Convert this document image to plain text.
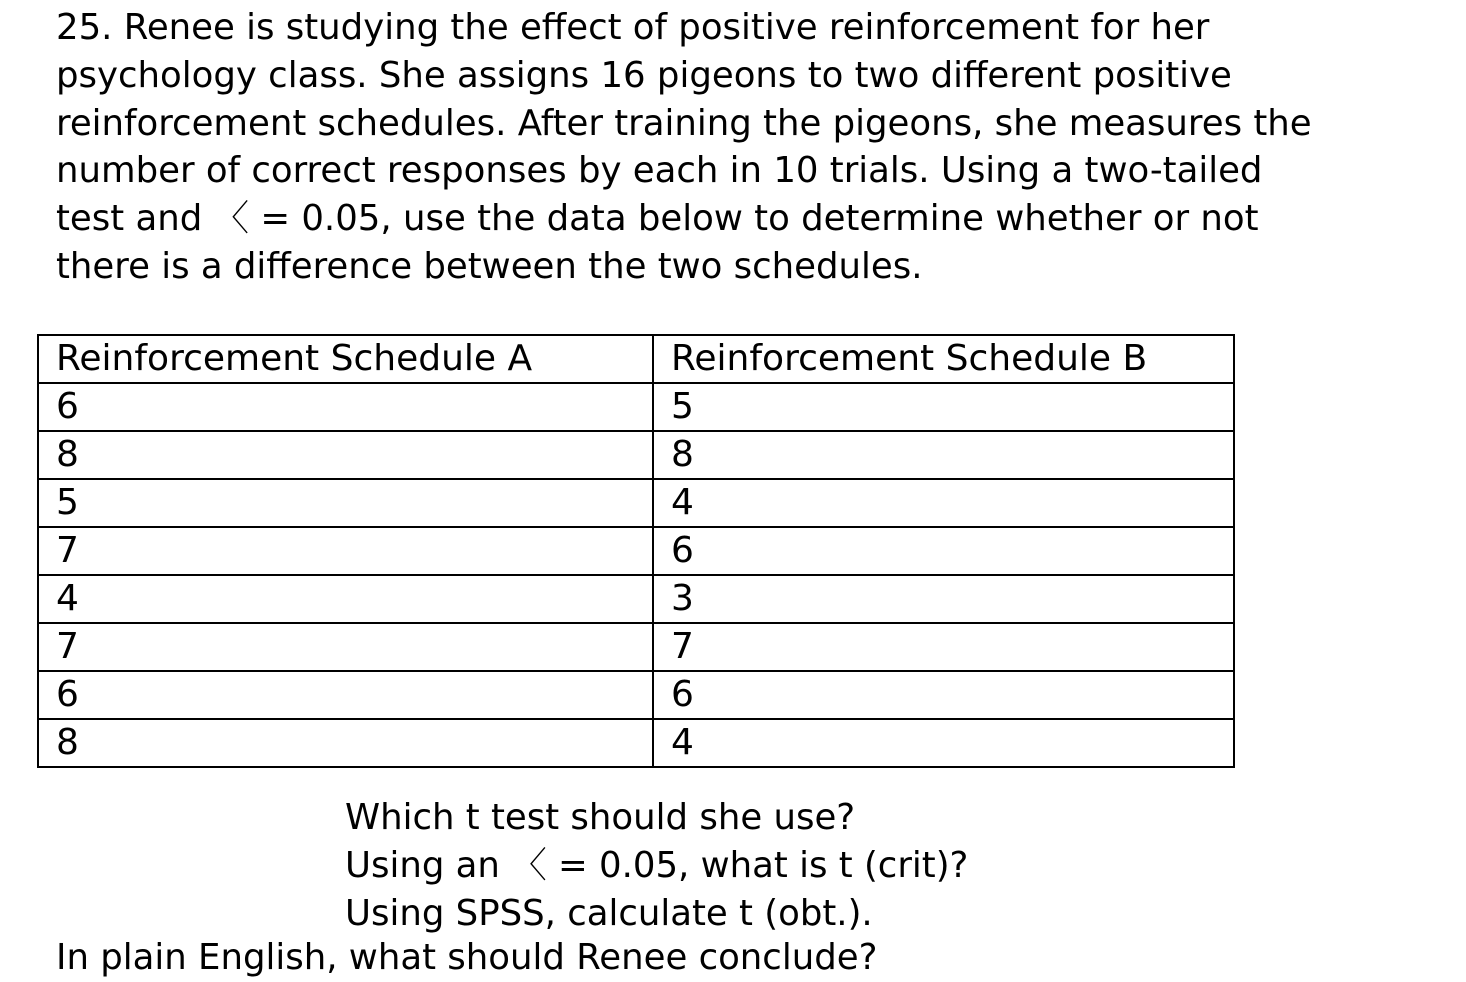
25. Renee is studying the effect of positive reinforcement for her
psychology class. She assigns 16 pigeons to two different positive
reinforcement schedules. After training the pigeons, she measures the
number of correct responses by each in 10 trials. Using a two-tailed
test and 〈 = 0.05, use the data below to determine whether or not
there is a difference between the two schedules.
Reinforcement Schedule A	Reinforcement Schedule B
6	5
8	8
5	4
7	6
4	3
7	7
6	6
8	4
Which t test should she use?
Using an 〈 = 0.05, what is t (crit)?
Using SPSS, calculate t (obt.).
In plain English, what should Renee conclude?
